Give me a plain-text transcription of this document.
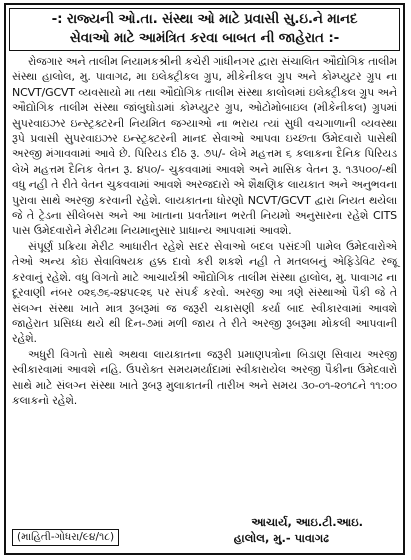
-: રાજ્યની ઓ.તા. સંસ્થા ઓ માટે પ્રવાસી સુ.ઇ.ને માનદ
સેવાઓ માટે આમંત્રિત કરવા બાબત ની જાહેરાત :-

રોજગાર અને તાલીમ નિયામકશ્રીની કચેરી ગાંધીનગર દ્વારા સંચાલિત ઔદ્યોગિક તાલીમ સંસ્થા હાલોલ, મુ. પાવાગઢ, મા ઇલેક્ટ્રીકલ ગ્રુપ, મીકેનીકલ ગ્રુપ અને કોમ્પ્યુટર ગ્રુપ ના NCVT/GCVT વ્યવસાયો મા તથા ઔદ્યોગિક તાલીમ સંસ્થા કાલોલમાં ઇલેક્ટ્રીકલ ગ્રુપ અને ઔદ્યોગિક તાલીમ સંસ્થા જાંબુઘોડામાં કોમ્પ્યુટર ગ્રુપ, ઓટોમોબાઇલ (મીકેનીકલ) ગ્રુપમાં સુપરવાઇઝર ઇન્સ્ટ્રક્ટરની નિયમિત જગ્યાઓ ના ભરાય ત્યાં સુધી વચગાળાની વ્યવસ્થા રૂપે પ્રવાસી સુપરવાઇઝર ઇન્સ્ટ્રક્ટરની માનદ સેવાઓ આપવા ઇચ્છતા ઉમેદવારો પાસેથી અરજી મંગાવવામાં આવે છે. પિરિયડ દીઠ રૂ. ૭૫/- લેખે મહત્તમ ૬ કલાકના દૈનિક પિરિયડ લેખે મહત્તમ દૈનિક વેતન રૂ. ૪૫૦/- ચુકવવામાં આવશે અને માસિક વેતન રૂ. ૧૩૫૦૦/-થી વધુ નહી તે રીતે વેતન ચુકવવામાં આવશે અરજદારો એ શૈક્ષણિક લાયકાત અને અનુભવના પુરાવા સાથે અરજી કરવાની રહેશે. લાયકાતના ધોરણો NCVT/GCVT દ્વારા નિયત થયેલા જે તે ટ્રેડના સીલેબસ અને આ ખાતાના પ્રવર્તમાન ભરતી નિયમો અનુસારના રહેશે CITS પાસ ઉમેદવારોને મેરીટમા નિયમાનુસાર પ્રાધાન્ય આપવામાં આવશે.

સંપૂર્ણ પ્રક્રિયા મેરીટ આધારીત રહેશે સદર સેવાઓ બદલ પસંદગી પામેલ ઉમેદવારોએ તેઓ અન્ય કોઇ સેવાવિષયક હક્ક દાવો કરી શકશે નહી તે મતલબનું એફિડેવિટ રજૂ કરવાનું રહેશે. વધુ વિગતો માટે આચાર્યશ્રી ઔદ્યોગિક તાલીમ સંસ્થા હાલોલ, મુ. પાવાગઢ ના દૂરવાણી નંબર ૦૨૬૭૬-૨૪૫૯૨૬ પર સંપર્ક કરવો. અરજી આ ત્રણે સંસ્થાઓ પૈકી જે તે સંલગ્ન સંસ્થા ખાતે માત્ર રૂબરૂમાં જ જરૂરી ચકાસણી કર્યા બાદ સ્વીકારવામાં આવશે જાહેરાત પ્રસિધ્ધ થયે થી દિન-૭માં મળી જાય તે રીતે અરજી રૂબરૂમા મોકલી આપવાની રહેશે.

અધુરી વિગતો સાથે અથવા લાયકાતના જરૂરી પ્રમાણપત્રોના બિડાણ સિવાય અરજી સ્વીકારવામાં આવશે નહિ. ઉપરોક્ત સમયમર્યાદામાં સ્વીકારાયેલ અરજી પૈકીના ઉમેદવારો સાથે માટે સંલગ્ન સંસ્થા ખાતે રૂબરૂ મુલાકાતની તારીખ અને સમય ૩૦-૦૧-૨૦૧૮ને ૧૧:૦૦ કલાકનો રહેશે.

(માહિતી-ગોધરા/૯૪/૧૮)
આચાર્ય, આઇ.ટી.આઇ.
હાલોલ, મુ.- પાવાગઢ
